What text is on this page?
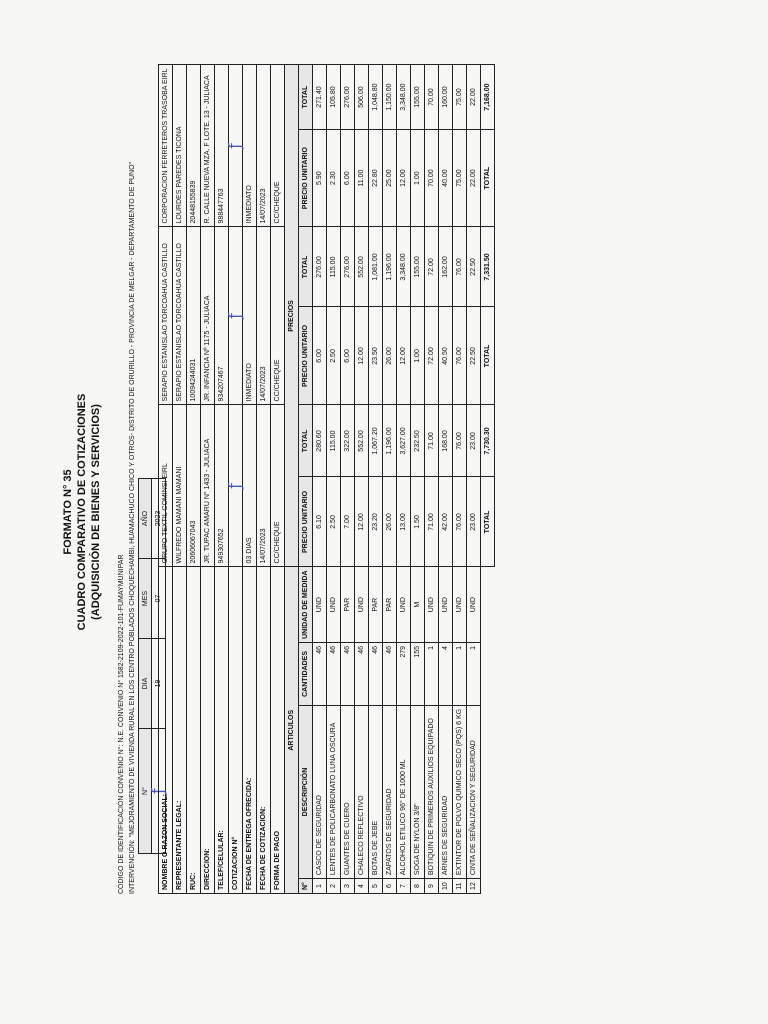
FORMATO N° 35 CUADRO COMPARATIVO DE COTIZACIONES (ADQUISICIÓN DE BIENES Y SERVICIOS)
CÓDIGO DE IDENTIFICACIÓN CONVENIO N°: N.E. CONVENIO N° 1582-2109-2022-101-FUMAYMUNIPAR INTERVENCIÓN: "MEJORAMIENTO DE VIVIENDA RURAL EN LOS CENTRO POBLADOS CHOQUECHAMBI, HUAMACHUCO CHICO Y OTROS- DISTRITO DE ORURILLO - PROVINCIA DE MELGAR - DEPARTAMENTO DE PUNO" N°	DIA	MES	AÑO
ƒ	19	07	2023
NOMBRE O RAZON SOCIAL:				GRUPO TEXTIL COMINSI EIRL		SERAPIO ESTANISLAO TORCOAHUA CASTILLO		CORPORACION FERRETEROS TRASOBA EIRL	
REPRESENTANTE LEGAL:				WILFREDO MAMANI MAMANI		SERAPIO ESTANISLAO TORCOAHUA CASTILLO		LOURDES PAREDES TICONA	
RUC:				20606067043		10094244031		20448155839	
DIRECCION:				JR. TUPAC AMARU N° 1433 - JULIACA		JR. INFANCIA Nº 1175 - JULIACA		R. CALLE NUEVA MZA. F LOTE. 13 - JULIACA	
TELEF/CELULAR:				949307652		934207467		988447763	
COTIZACION N°				ƒ		ƒ		ƒ	
FECHA DE ENTREGA OFRECIDA:				03 DIAS		INMEDIATO		INMEDIATO	
FECHA DE COTIZACION:				14/07/2023		14/07/2023		14/07/2023	
FORMA DE PAGO				CC/CHEQUE		CC/CHEQUE		CC/CHEQUE	
ARTICULOS				PRECIOS					
N°	DESCRIPCIÓN	CANTIDADES	UNIDAD DE MEDIDA	PRECIO UNITARIO	TOTAL	PRECIO UNITARIO	TOTAL	PRECIO UNITARIO	TOTAL
1	CASCO DE SEGURIDAD	46	UND	6.10	280.60	6.00	276.00	5.90	271.40
2	LENTES DE POLICARBONATO LUNA OSCURA	46	UND	2.50	115.00	2.50	115.00	2.30	105.80
3	GUANTES DE CUERO	46	PAR	7.00	322.00	6.00	276.00	6.00	276.00
4	CHALECO REFLECTIVO	46	UND	12.00	552.00	12.00	552.00	11.00	506.00
5	BOTAS DE JEBE	46	PAR	23.20	1,067.20	23.50	1,081.00	22.80	1,048.80
6	ZAPATOS DE SEGURIDAD	46	PAR	26.00	1,196.00	26.00	1,196.00	25.00	1,150.00
7	ALCOHOL ETILICO 96° DE 1000 ML	279	UND	13.00	3,627.00	12.00	3,348.00	12.00	3,348.00
8	SOGA DE NYLON 3/8"	155	M	1.50	232.50	1.00	155.00	1.00	155.00
9	BOTIQUIN DE PRIMEROS AUXILIOS EQUIPADO	1	UND	71.00	71.00	72.00	72.00	70.00	70.00
10	ARNES DE SEGURIDAD	4	UND	42.00	168.00	40.50	162.00	40.00	160.00
11	EXTINTOR DE POLVO QUIMICO SECO (PQS) 6 KG	1	UND	76.00	76.00	76.00	76.00	75.00	75.00
12	CINTA DE SEÑALIZACION Y SEGURIDAD	1	UND	23.00	23.00	22.50	22.50	22.00	22.00
				TOTAL	7,730.30	TOTAL	7,331.50	TOTAL	7,168.00
